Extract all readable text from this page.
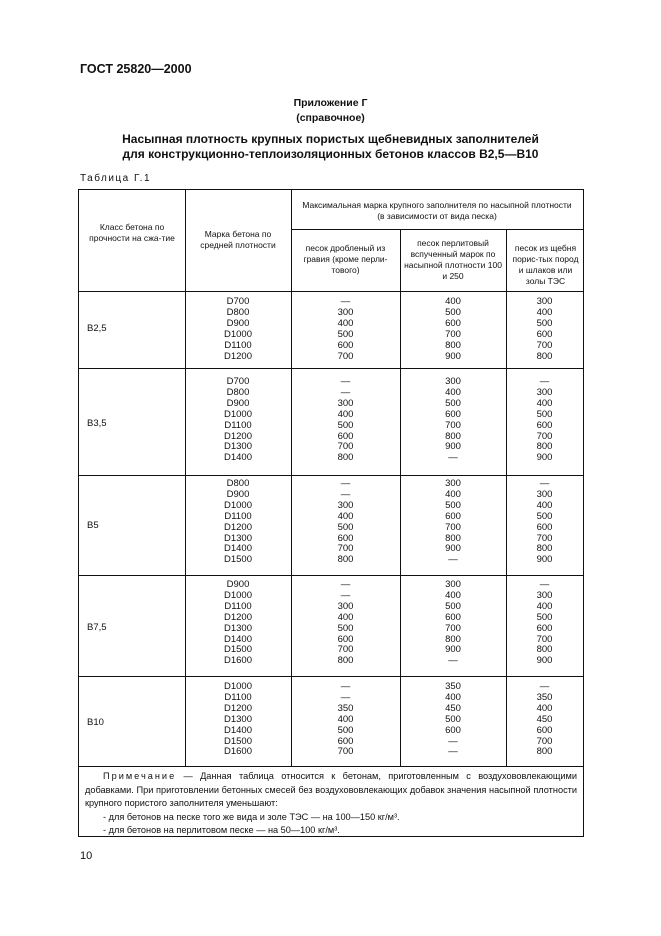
ГОСТ 25820—2000
Приложение Г
(справочное)
Насыпная плотность крупных пористых щебневидных заполнителей
для конструкционно-теплоизоляционных бетонов классов В2,5—В10
Таблица Г.1
Класс бетона по прочности на сжа-тие	Марка бетона по средней плотности
Максимальная марка крупного заполнителя по насыпной плотности (в зависимости от вида песка)
песок дробленый из гравия (кроме перли-тового)
песок перлитовый вспученный марок по насыпной плотности 100 и 250
песок из щебня порис-тых пород и шлаков или золы ТЭС
В2,5
D700
D800
D900
D1000
D1100
D1200
—
300
400
500
600
700
400
500
600
700
800
900
300
400
500
600
700
800
В3,5
D700
D800
D900
D1000
D1100
D1200
D1300
D1400
—
—
300
400
500
600
700
800
300
400
500
600
700
800
900
—
—
300
400
500
600
700
800
900
В5
D800
D900
D1000
D1100
D1200
D1300
D1400
D1500
—
—
300
400
500
600
700
800
300
400
500
600
700
800
900
—
—
300
400
500
600
700
800
900
В7,5
D900
D1000
D1100
D1200
D1300
D1400
D1500
D1600
—
—
300
400
500
600
700
800
300
400
500
600
700
800
900
—
—
300
400
500
600
700
800
900
В10
D1000
D1100
D1200
D1300
D1400
D1500
D1600
—
—
350
400
500
600
700
350
400
450
500
600
—
—
—
350
400
450
600
700
800

Примечание — Данная таблица относится к бетонам, приготовленным с воздухововлекающими добавками. При приготовлении бетонных смесей без воздухововлекающих добавок значения насыпной плотности крупного пористого заполнителя уменьшают:

- для бетонов на песке того же вида и золе ТЭС — на 100—150 кг/м³.

- для бетонов на перлитовом песке — на 50—100 кг/м³.

10
